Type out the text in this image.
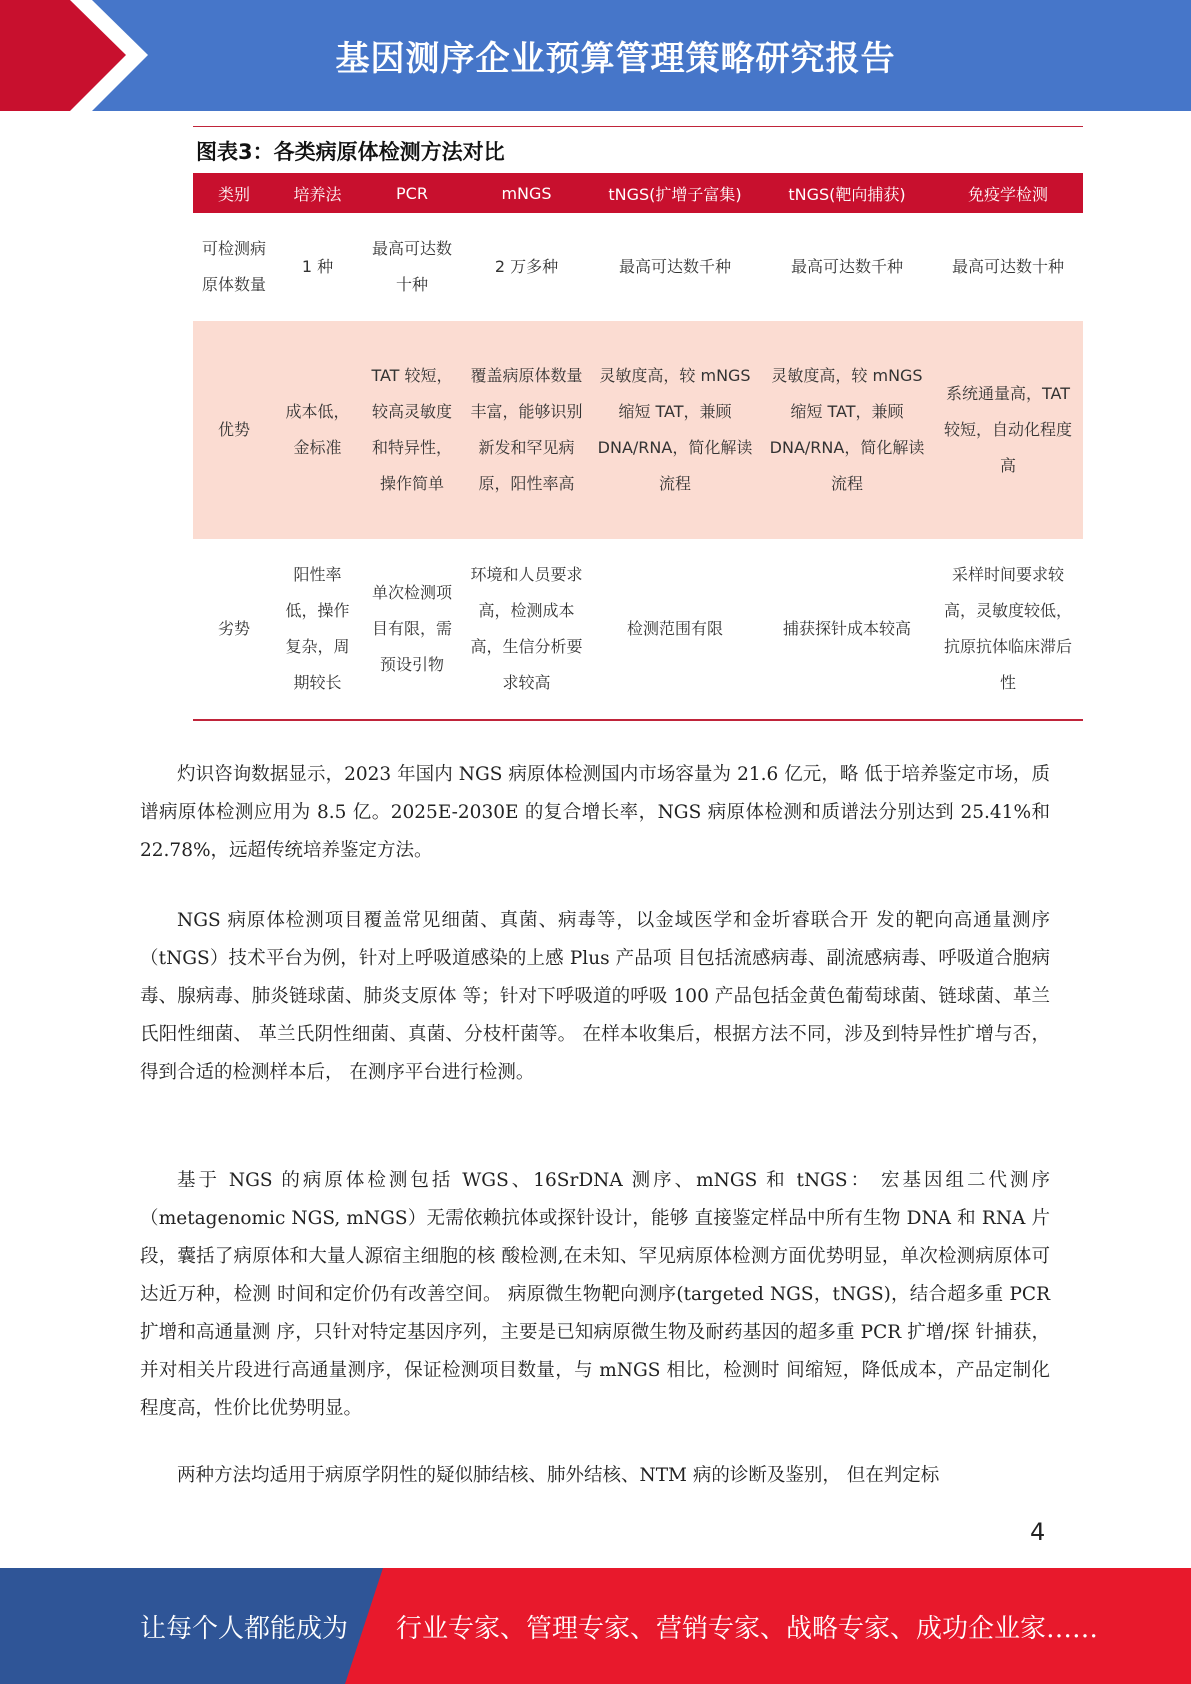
基因测序企业预算管理策略研究报告
图表3：各类病原体检测方法对比
类别	培养法	PCR	mNGS	tNGS(扩增子富集)	tNGS(靶向捕获)	免疫学检测
可检测病原体数量	1 种	最高可达数十种	2 万多种	最高可达数千种	最高可达数千种	最高可达数十种
优势	成本低，金标准	TAT 较短，较高灵敏度和特异性，操作简单	覆盖病原体数量丰富，能够识别新发和罕见病原，阳性率高	灵敏度高，较 mNGS 缩短 TAT，兼顾 DNA/RNA，简化解读流程	灵敏度高，较 mNGS 缩短 TAT，兼顾 DNA/RNA，简化解读流程	系统通量高，TAT 较短，自动化程度高
劣势	阳性率低，操作复杂，周期较长	单次检测项目有限，需预设引物	环境和人员要求高，检测成本高，生信分析要求较高	检测范围有限	捕获探针成本较高	采样时间要求较高，灵敏度较低，抗原抗体临床滞后性

灼识咨询数据显示，2023 年国内 NGS 病原体检测国内市场容量为 21.6 亿元，略 低于培养鉴定市场，质谱病原体检测应用为 8.5 亿。2025E-2030E 的复合增长率，NGS 病原体检测和质谱法分别达到 25.41%和 22.78%，远超传统培养鉴定方法。

NGS 病原体检测项目覆盖常见细菌、真菌、病毒等，以金域医学和金圻睿联合开 发的靶向高通量测序（tNGS）技术平台为例，针对上呼吸道感染的上感 Plus 产品项 目包括流感病毒、副流感病毒、呼吸道合胞病毒、腺病毒、肺炎链球菌、肺炎支原体 等；针对下呼吸道的呼吸 100 产品包括金黄色葡萄球菌、链球菌、革兰氏阳性细菌、 革兰氏阴性细菌、真菌、分枝杆菌等。 在样本收集后，根据方法不同，涉及到特异性扩增与否，得到合适的检测样本后， 在测序平台进行检测。

基于 NGS 的病原体检测包括 WGS、16SrDNA 测序、mNGS 和 tNGS： 宏基因组二代测序（metagenomic NGS, mNGS）无需依赖抗体或探针设计，能够 直接鉴定样品中所有生物 DNA 和 RNA 片段，囊括了病原体和大量人源宿主细胞的核 酸检测,在未知、罕见病原体检测方面优势明显，单次检测病原体可达近万种，检测 时间和定价仍有改善空间。 病原微生物靶向测序(targeted NGS，tNGS)，结合超多重 PCR 扩增和高通量测 序，只针对特定基因序列，主要是已知病原微生物及耐药基因的超多重 PCR 扩增/探 针捕获，并对相关片段进行高通量测序，保证检测项目数量，与 mNGS 相比，检测时 间缩短，降低成本，产品定制化程度高，性价比优势明显。

两种方法均适用于病原学阴性的疑似肺结核、肺外结核、NTM 病的诊断及鉴别， 但在判定标

4
让每个人都能成为 行业专家、管理专家、营销专家、战略专家、成功企业家……
